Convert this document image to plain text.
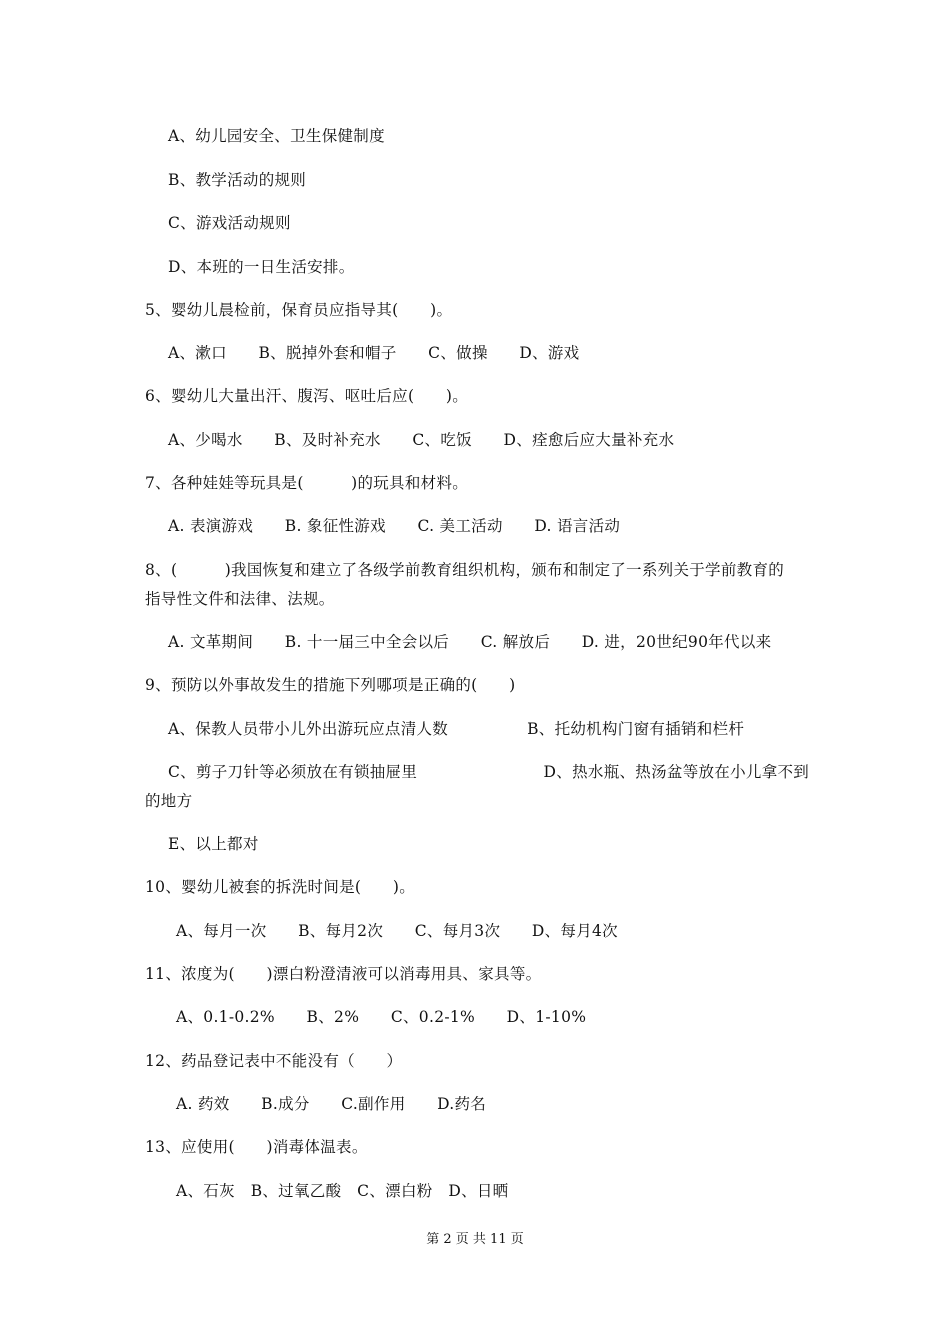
A、幼儿园安全、卫生保健制度
B、教学活动的规则
C、游戏活动规则
D、本班的一日生活安排。
5、婴幼儿晨检前，保育员应指导其(　　)。
A、漱口　　B、脱掉外套和帽子　　C、做操　　D、游戏
6、婴幼儿大量出汗、腹泻、呕吐后应(　　)。
A、少喝水　　B、及时补充水　　C、吃饭　　D、痊愈后应大量补充水
7、各种娃娃等玩具是(　　　)的玩具和材料。
A. 表演游戏　　B. 象征性游戏　　C. 美工活动　　D. 语言活动
8、(　　　)我国恢复和建立了各级学前教育组织机构，颁布和制定了一系列关于学前教育的
指导性文件和法律、法规。
A. 文革期间　　B. 十一届三中全会以后　　C. 解放后　　D. 进，20世纪90年代以来
9、预防以外事故发生的措施下列哪项是正确的(　　)
A、保教人员带小儿外出游玩应点清人数　　　　　B、托幼机构门窗有插销和栏杆
C、剪子刀针等必须放在有锁抽屉里　　　　　　　　D、热水瓶、热汤盆等放在小儿拿不到
的地方
E、以上都对
10、婴幼儿被套的拆洗时间是(　　)。
A、每月一次　　B、每月2次　　C、每月3次　　D、每月4次
11、浓度为(　　)漂白粉澄清液可以消毒用具、家具等。
A、0.1-0.2%　　B、2%　　C、0.2-1%　　D、1-10%
12、药品登记表中不能没有（　　）
A. 药效　　B.成分　　C.副作用　　D.药名
13、应使用(　　)消毒体温表。
A、石灰　B、过氧乙酸　C、漂白粉　D、日晒
第 2 页 共 11 页
